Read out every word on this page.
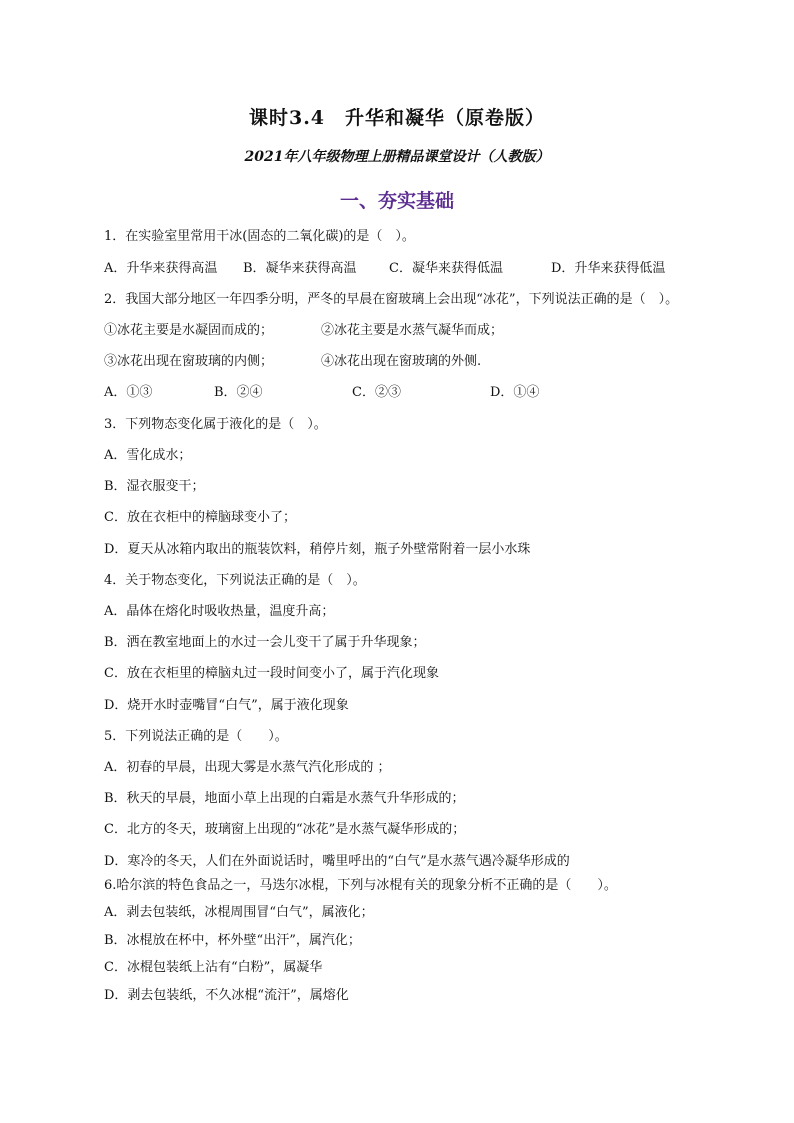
课时3.4　升华和凝华（原卷版）
2021年八年级物理上册精品课堂设计（人教版）
一、夯实基础
1．在实验室里常用干冰(固态的二氧化碳)的是（　）。
A．升华来获得高温 B．凝华来获得高温 C．凝华来获得低温	D．升华来获得低温
2．我国大部分地区一年四季分明，严冬的早晨在窗玻璃上会出现“冰花”，下列说法正确的是（　）。
①冰花主要是水凝固而成的；	②冰花主要是水蒸气凝华而成；
③冰花出现在窗玻璃的内侧；	④冰花出现在窗玻璃的外侧.
A．①③	B．②④	C．②③	D．①④
3．下列物态变化属于液化的是（　）。
A．雪化成水；
B．湿衣服变干；
C．放在衣柜中的樟脑球变小了；
D．夏天从冰箱内取出的瓶装饮料，稍停片刻，瓶子外壁常附着一层小水珠
4．关于物态变化，下列说法正确的是（　）。
A．晶体在熔化时吸收热量，温度升高；
B．洒在教室地面上的水过一会儿变干了属于升华现象；
C．放在衣柜里的樟脑丸过一段时间变小了，属于汽化现象
D．烧开水时壶嘴冒“白气”，属于液化现象
5．下列说法正确的是（　　）。
A．初春的早晨，出现大雾是水蒸气汽化形成的 ；
B．秋天的早晨，地面小草上出现的白霜是水蒸气升华形成的；
C．北方的冬天，玻璃窗上出现的“冰花”是水蒸气凝华形成的；
D．寒冷的冬天，人们在外面说话时，嘴里呼出的“白气”是水蒸气遇冷凝华形成的
6.哈尔滨的特色食品之一，马迭尔冰棍，下列与冰棍有关的现象分析不正确的是（　　）。
A．剥去包装纸，冰棍周围冒“白气”，属液化；
B．冰棍放在杯中，杯外壁“出汗”，属汽化；
C．冰棍包装纸上沾有“白粉”，属凝华
D．剥去包装纸，不久冰棍“流汗”，属熔化
